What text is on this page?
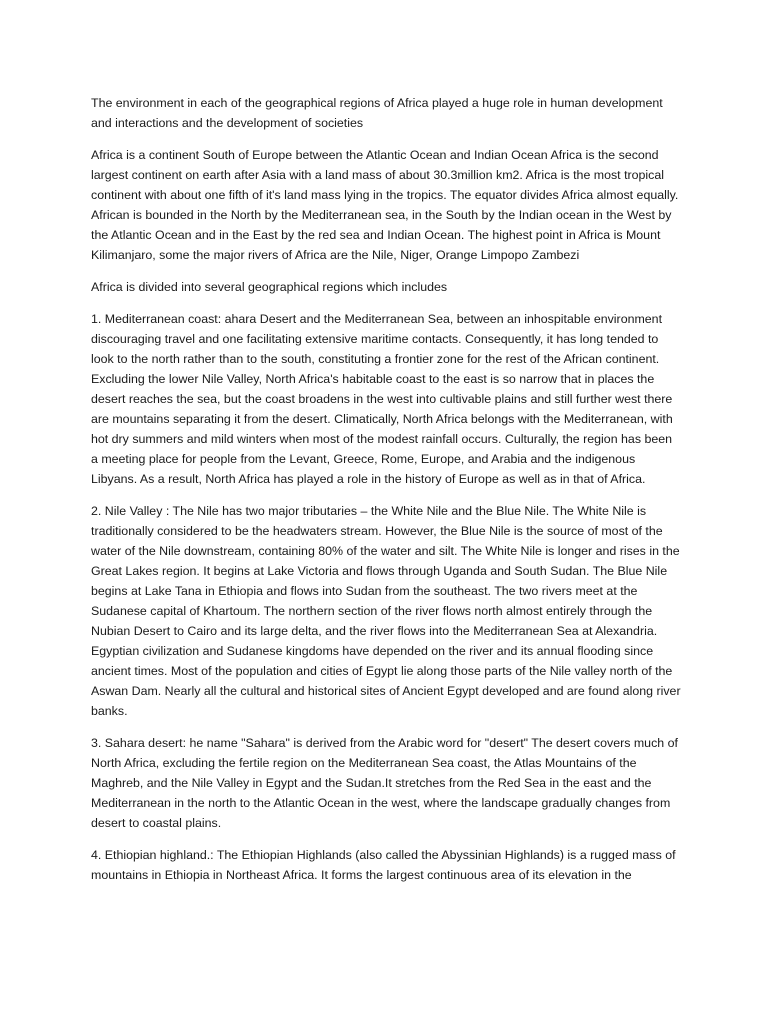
The environment in each of the geographical regions of Africa played a huge role in human development and interactions and the development of societies

Africa is a continent South of Europe between the Atlantic Ocean and Indian Ocean Africa is the second largest continent on earth after Asia with a land mass of about 30.3million km2. Africa is the most tropical continent with about one fifth of it's land mass lying in the tropics. The equator divides Africa almost equally. African is bounded in the North by the Mediterranean sea, in the South by the Indian ocean in the West by the Atlantic Ocean and in the East by the red sea and Indian Ocean. The highest point in Africa is Mount Kilimanjaro, some the major rivers of Africa are the Nile, Niger, Orange Limpopo Zambezi

Africa is divided into several geographical regions which includes

1. Mediterranean coast: ahara Desert and the Mediterranean Sea, between an inhospitable environment discouraging travel and one facilitating extensive maritime contacts. Consequently, it has long tended to look to the north rather than to the south, constituting a frontier zone for the rest of the African continent. Excluding the lower Nile Valley, North Africa's habitable coast to the east is so narrow that in places the desert reaches the sea, but the coast broadens in the west into cultivable plains and still further west there are mountains separating it from the desert. Climatically, North Africa belongs with the Mediterranean, with hot dry summers and mild winters when most of the modest rainfall occurs. Culturally, the region has been a meeting place for people from the Levant, Greece, Rome, Europe, and Arabia and the indigenous Libyans. As a result, North Africa has played a role in the history of Europe as well as in that of Africa.

2. Nile Valley : The Nile has two major tributaries – the White Nile and the Blue Nile. The White Nile is traditionally considered to be the headwaters stream. However, the Blue Nile is the source of most of the water of the Nile downstream, containing 80% of the water and silt. The White Nile is longer and rises in the Great Lakes region. It begins at Lake Victoria and flows through Uganda and South Sudan. The Blue Nile begins at Lake Tana in Ethiopia and flows into Sudan from the southeast. The two rivers meet at the Sudanese capital of Khartoum. The northern section of the river flows north almost entirely through the Nubian Desert to Cairo and its large delta, and the river flows into the Mediterranean Sea at Alexandria. Egyptian civilization and Sudanese kingdoms have depended on the river and its annual flooding since ancient times. Most of the population and cities of Egypt lie along those parts of the Nile valley north of the Aswan Dam. Nearly all the cultural and historical sites of Ancient Egypt developed and are found along river banks.

3. Sahara desert: he name "Sahara" is derived from the Arabic word for "desert" The desert covers much of North Africa, excluding the fertile region on the Mediterranean Sea coast, the Atlas Mountains of the Maghreb, and the Nile Valley in Egypt and the Sudan.It stretches from the Red Sea in the east and the Mediterranean in the north to the Atlantic Ocean in the west, where the landscape gradually changes from desert to coastal plains.

4. Ethiopian highland.: The Ethiopian Highlands (also called the Abyssinian Highlands) is a rugged mass of mountains in Ethiopia in Northeast Africa. It forms the largest continuous area of its elevation in the
